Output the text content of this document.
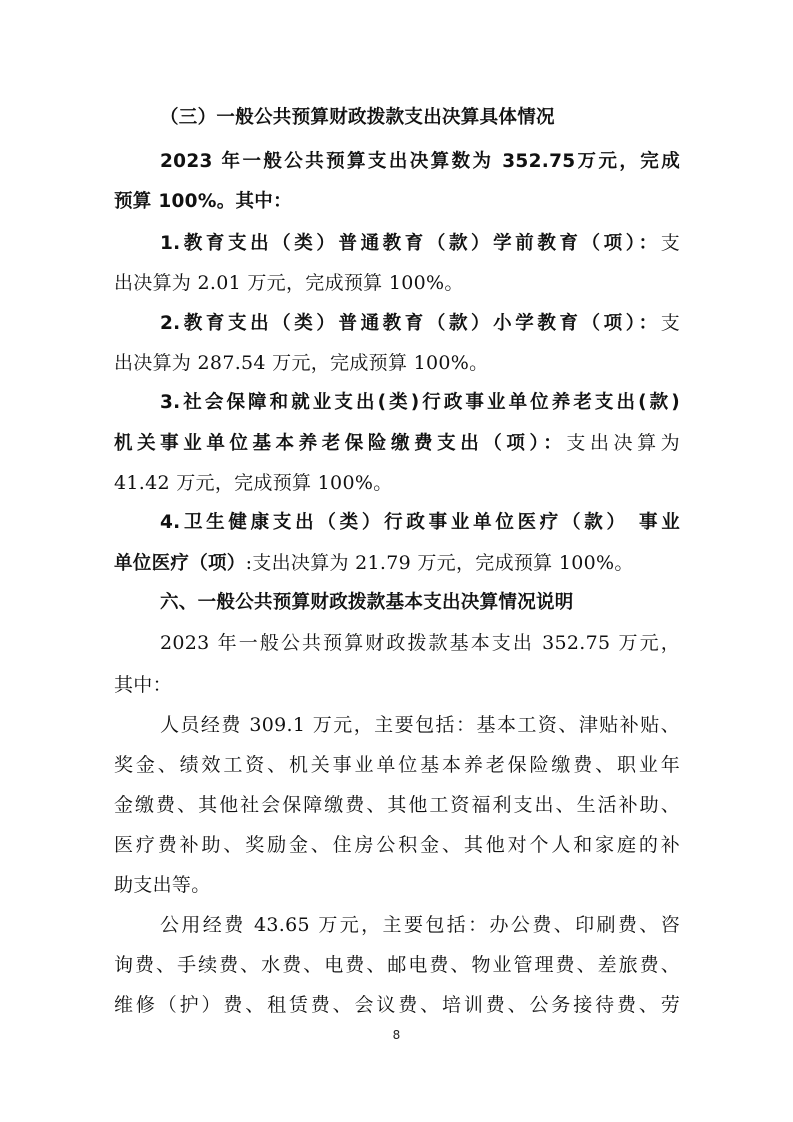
（三）一般公共预算财政拨款支出决算具体情况
2023 年一般公共预算支出决算数为 352.75万元，完成
预算 100%。其中：
1.教育支出（类）普通教育（款）学前教育（项）：支
出决算为 2.01 万元，完成预算 100%。
2.教育支出（类）普通教育（款）小学教育（项）：支
出决算为 287.54 万元，完成预算 100%。
3.社会保障和就业支出(类)行政事业单位养老支出(款)
机关事业单位基本养老保险缴费支出（项）：支出决算为
41.42 万元，完成预算 100%。
4.卫生健康支出（类）行政事业单位医疗（款） 事业
单位医疗（项）:支出决算为 21.79 万元，完成预算 100%。
六、一般公共预算财政拨款基本支出决算情况说明
2023 年一般公共预算财政拨款基本支出 352.75 万元，
其中：
人员经费 309.1 万元，主要包括：基本工资、津贴补贴、
奖金、绩效工资、机关事业单位基本养老保险缴费、职业年
金缴费、其他社会保障缴费、其他工资福利支出、生活补助、
医疗费补助、奖励金、住房公积金、其他对个人和家庭的补
助支出等。
公用经费 43.65 万元，主要包括：办公费、印刷费、咨
询费、手续费、水费、电费、邮电费、物业管理费、差旅费、
维修（护）费、租赁费、会议费、培训费、公务接待费、劳
8
